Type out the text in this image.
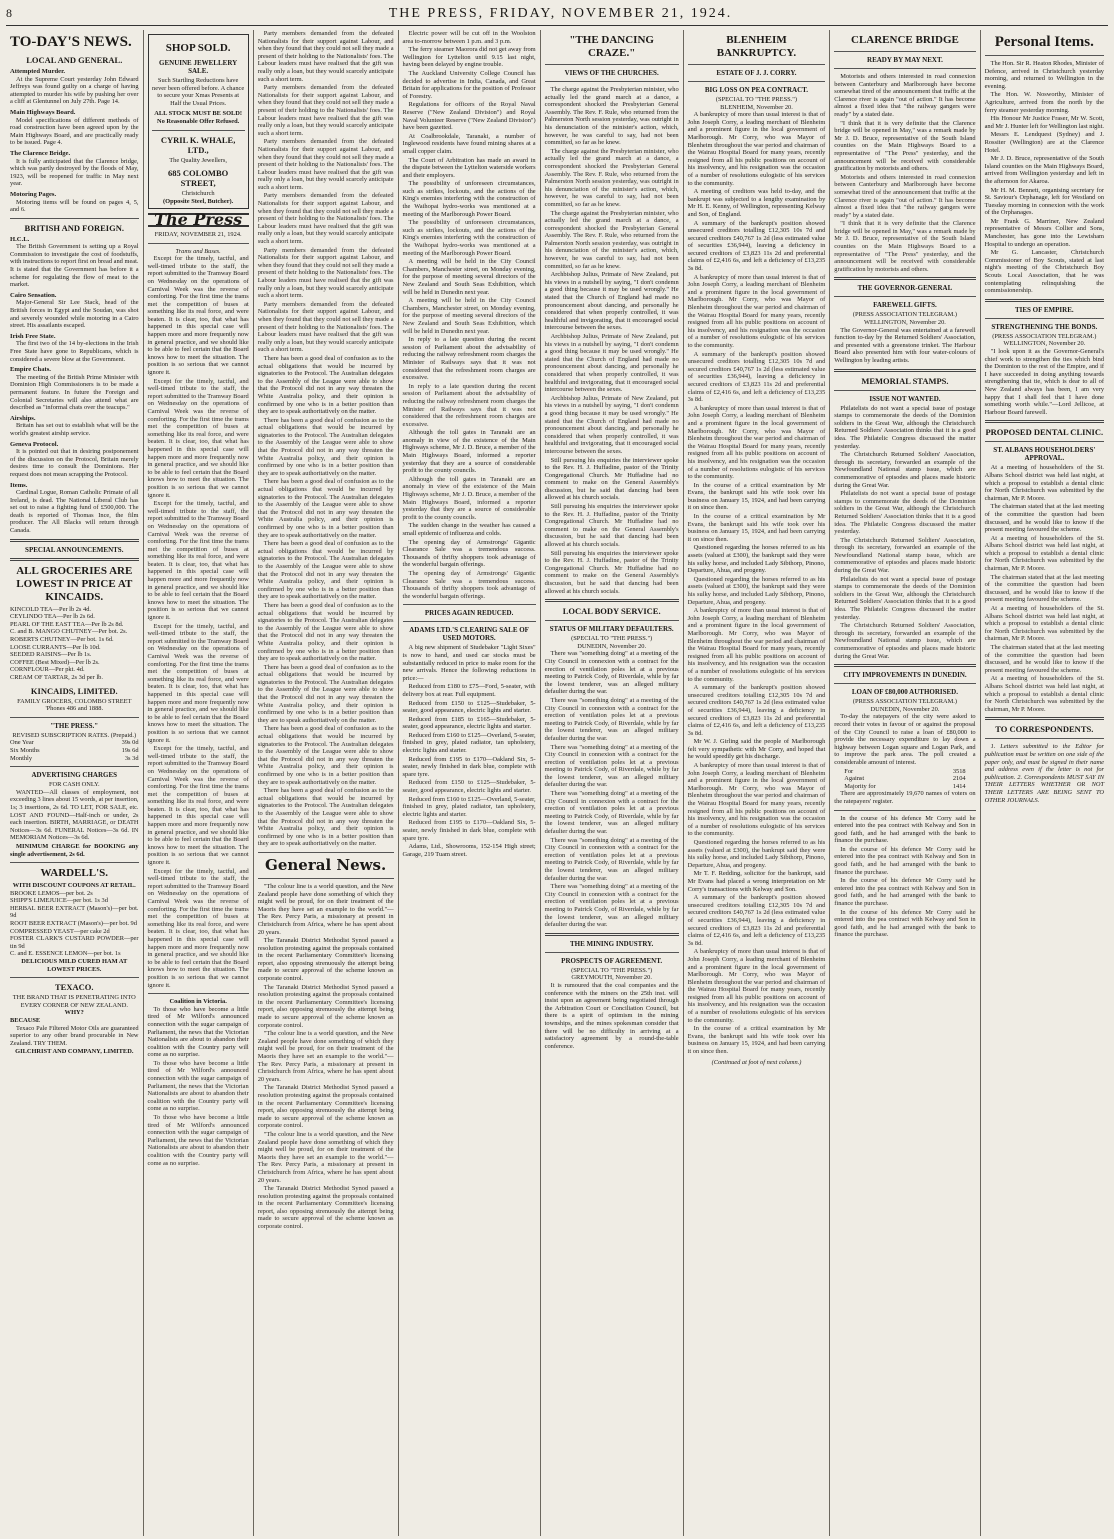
8	THE PRESS, FRIDAY, NOVEMBER 21, 1924.
TO-DAY'S NEWS.
LOCAL AND GENERAL.
Attempted Murder.
At the Supreme Court yesterday John Edward Jeffreys was found guilty on a charge of having attempted to murder his wife by pushing her over a cliff at Glentunnel on July 27th. Page 14.
Main Highways Board.
Model specifications of different methods of road construction have been agreed upon by the Main Highways Board, and are practically ready to be issued. Page 4.
The Clarence Bridge.
It is fully anticipated that the Clarence bridge, which was partly destroyed by the floods of May, 1923, will be reopened for traffic in May next year.
Motoring Pages.
Motoring items will be found on pages 4, 5, and 6.
BRITISH AND FOREIGN.
H.C.L.
The British Government is setting up a Royal Commission to investigate the cost of foodstuffs, with instructions to report first on bread and meat. It is stated that the Government has before it a scheme for regulating the flow of meat to the market.
Cairo Sensation.
Major-General Sir Lee Stack, head of the British forces in Egypt and the Soudan, was shot and severely wounded while motoring in a Cairo street. His assailants escaped.
Irish Free State.
The first two of the 14 by-elections in the Irish Free State have gone to Republicans, which is considered a severe blow at the Government.
Empire Chats.
The meeting of the British Prime Minister with Dominion High Commissioners is to be made a permanent feature. In future the Foreign and Colonial Secretaries will also attend what are described as "informal chats over the teacups."
Airships.
Britain has set out to establish what will be the world's greatest airship service.
Geneva Protocol.
It is pointed out that in desiring postponement of the discussion on the Protocol, Britain merely desires time to consult the Dominions. Her request does not mean scrapping the Protocol.
Items.
Cardinal Logue, Roman Catholic Primate of all Ireland, is dead. The National Liberal Club has set out to raise a fighting fund of £500,000. The death is reported of Thomas Ince, the film producer. The All Blacks will return through Canada.
SPECIAL ANNOUNCEMENTS.
ALL GROCERIES ARE LOWEST IN PRICE AT KINCAIDS.
KINCOLD TEA—Per lb 2s 4d.
CEYLINDO TEA—Per lb 2s 6d.
PEARL OF THE EAST TEA—Per lb 2s 8d.
C. and B. MANGO CHUTNEY—Per bot. 2s.
ROBERTS CHUTNEY—Per bot. 1s 6d.
LOOSE CURRANTS—Per lb 10d.
SEEDED RAISINS—Per lb 1s.
COFFEE (Best Mixed)—Per lb 2s.
CORNFLOUR—Per pkt. 4d.
CREAM OF TARTAR, 2s 3d per lb.
KINCAIDS, LIMITED.
FAMILY GROCERS, COLOMBO STREET
'Phones 486 and 1888.
"THE PRESS."
REVISED SUBSCRIPTION RATES. (Prepaid.)
One Year	39s 0d
Six Months	19s 6d
Monthly	3s 3d
ADVERTISING CHARGES
FOR CASH ONLY.
WANTED—All classes of employment, not exceeding 3 lines about 15 words, at per insertion, 1s; 3 insertions, 2s 6d. TO LET, FOR SALE, etc. LOST AND FOUND—Half-inch or under, 2s each insertion. BIRTH, MARRIAGE, or DEATH Notices—3s 6d. FUNERAL Notices—3s 6d. IN MEMORIAM Notices—3s 6d.
MINIMUM CHARGE for BOOKING any single advertisement, 2s 6d.
WARDELL'S.
WITH DISCOUNT COUPONS AT RETAIL.
BROOKE LEMOS—per bot. 2s
SHIPP'S LIMEJUICE—per bot. 1s 3d
HERBAL BEER EXTRACT (Mason's)—per bot. 9d
ROOT BEER EXTRACT (Mason's)—per bot. 9d
COMPRESSED YEAST—per cake 2d
FOSTER CLARK'S CUSTARD POWDER—per tin 9d
C. and E. ESSENCE LEMON—per bot. 1s
DELICIOUS MILD CURED HAM AT LOWEST PRICES.
TEXACO.
THE BRAND THAT IS PENETRATING INTO EVERY CORNER OF NEW ZEALAND.
WHY?
BECAUSE
Texaco Pale Filtered Motor Oils are guaranteed superior to any other brand procurable in New Zealand. TRY THEM.
GILCHRIST AND COMPANY, LIMITED.
SHOP SOLD.
GENUINE JEWELLERY SALE.
Such Startling Reductions have never been offered before. A chance to secure your Xmas Presents at Half the Usual Prices.
ALL STOCK MUST BE SOLD! No Reasonable Offer Refused.
CYRIL K. WHALE, LTD.,
The Quality Jewellers,
685 COLOMBO STREET,
Christchurch
(Opposite Steel, Butcher).
The Press
FRIDAY, NOVEMBER 21, 1924.
Trams and Buses.
Except for the timely, tactful, and well-timed tribute to the staff, the report submitted to the Tramway Board on Wednesday on the operations of Carnival Week was the reverse of comforting. For the first time the trams met the competition of buses at something like its real force, and were beaten. It is clear, too, that what has happened in this special case will happen more and more frequently now in general practice, and we should like to be able to feel certain that the Board knows how to meet the situation. The position is so serious that we cannot ignore it.
Except for the timely, tactful, and well-timed tribute to the staff, the report submitted to the Tramway Board on Wednesday on the operations of Carnival Week was the reverse of comforting. For the first time the trams met the competition of buses at something like its real force, and were beaten. It is clear, too, that what has happened in this special case will happen more and more frequently now in general practice, and we should like to be able to feel certain that the Board knows how to meet the situation. The position is so serious that we cannot ignore it.
Except for the timely, tactful, and well-timed tribute to the staff, the report submitted to the Tramway Board on Wednesday on the operations of Carnival Week was the reverse of comforting. For the first time the trams met the competition of buses at something like its real force, and were beaten. It is clear, too, that what has happened in this special case will happen more and more frequently now in general practice, and we should like to be able to feel certain that the Board knows how to meet the situation. The position is so serious that we cannot ignore it.
Except for the timely, tactful, and well-timed tribute to the staff, the report submitted to the Tramway Board on Wednesday on the operations of Carnival Week was the reverse of comforting. For the first time the trams met the competition of buses at something like its real force, and were beaten. It is clear, too, that what has happened in this special case will happen more and more frequently now in general practice, and we should like to be able to feel certain that the Board knows how to meet the situation. The position is so serious that we cannot ignore it.
Except for the timely, tactful, and well-timed tribute to the staff, the report submitted to the Tramway Board on Wednesday on the operations of Carnival Week was the reverse of comforting. For the first time the trams met the competition of buses at something like its real force, and were beaten. It is clear, too, that what has happened in this special case will happen more and more frequently now in general practice, and we should like to be able to feel certain that the Board knows how to meet the situation. The position is so serious that we cannot ignore it.
Except for the timely, tactful, and well-timed tribute to the staff, the report submitted to the Tramway Board on Wednesday on the operations of Carnival Week was the reverse of comforting. For the first time the trams met the competition of buses at something like its real force, and were beaten. It is clear, too, that what has happened in this special case will happen more and more frequently now in general practice, and we should like to be able to feel certain that the Board knows how to meet the situation. The position is so serious that we cannot ignore it.
Coalition in Victoria.
To those who have become a little tired of Mr Wilford's announced connection with the sugar campaign of Parliament, the news that the Victorian Nationalists are about to abandon their coalition with the Country party will come as no surprise.
To those who have become a little tired of Mr Wilford's announced connection with the sugar campaign of Parliament, the news that the Victorian Nationalists are about to abandon their coalition with the Country party will come as no surprise.
To those who have become a little tired of Mr Wilford's announced connection with the sugar campaign of Parliament, the news that the Victorian Nationalists are about to abandon their coalition with the Country party will come as no surprise.
Party members demanded from the defeated Nationalists for their support against Labour, and when they found that they could not sell they made a present of their holding to the Nationalists' foes. The Labour leaders must have realised that the gift was really only a loan, but they would scarcely anticipate such a short term.
Party members demanded from the defeated Nationalists for their support against Labour, and when they found that they could not sell they made a present of their holding to the Nationalists' foes. The Labour leaders must have realised that the gift was really only a loan, but they would scarcely anticipate such a short term.
Party members demanded from the defeated Nationalists for their support against Labour, and when they found that they could not sell they made a present of their holding to the Nationalists' foes. The Labour leaders must have realised that the gift was really only a loan, but they would scarcely anticipate such a short term.
Party members demanded from the defeated Nationalists for their support against Labour, and when they found that they could not sell they made a present of their holding to the Nationalists' foes. The Labour leaders must have realised that the gift was really only a loan, but they would scarcely anticipate such a short term.
Party members demanded from the defeated Nationalists for their support against Labour, and when they found that they could not sell they made a present of their holding to the Nationalists' foes. The Labour leaders must have realised that the gift was really only a loan, but they would scarcely anticipate such a short term.
Party members demanded from the defeated Nationalists for their support against Labour, and when they found that they could not sell they made a present of their holding to the Nationalists' foes. The Labour leaders must have realised that the gift was really only a loan, but they would scarcely anticipate such a short term.
There has been a good deal of confusion as to the actual obligations that would be incurred by signatories to the Protocol. The Australian delegates to the Assembly of the League were able to show that the Protocol did not in any way threaten the White Australia policy, and their opinion is confirmed by one who is in a better position than they are to speak authoritatively on the matter.
There has been a good deal of confusion as to the actual obligations that would be incurred by signatories to the Protocol. The Australian delegates to the Assembly of the League were able to show that the Protocol did not in any way threaten the White Australia policy, and their opinion is confirmed by one who is in a better position than they are to speak authoritatively on the matter.
There has been a good deal of confusion as to the actual obligations that would be incurred by signatories to the Protocol. The Australian delegates to the Assembly of the League were able to show that the Protocol did not in any way threaten the White Australia policy, and their opinion is confirmed by one who is in a better position than they are to speak authoritatively on the matter.
There has been a good deal of confusion as to the actual obligations that would be incurred by signatories to the Protocol. The Australian delegates to the Assembly of the League were able to show that the Protocol did not in any way threaten the White Australia policy, and their opinion is confirmed by one who is in a better position than they are to speak authoritatively on the matter.
There has been a good deal of confusion as to the actual obligations that would be incurred by signatories to the Protocol. The Australian delegates to the Assembly of the League were able to show that the Protocol did not in any way threaten the White Australia policy, and their opinion is confirmed by one who is in a better position than they are to speak authoritatively on the matter.
There has been a good deal of confusion as to the actual obligations that would be incurred by signatories to the Protocol. The Australian delegates to the Assembly of the League were able to show that the Protocol did not in any way threaten the White Australia policy, and their opinion is confirmed by one who is in a better position than they are to speak authoritatively on the matter.
There has been a good deal of confusion as to the actual obligations that would be incurred by signatories to the Protocol. The Australian delegates to the Assembly of the League were able to show that the Protocol did not in any way threaten the White Australia policy, and their opinion is confirmed by one who is in a better position than they are to speak authoritatively on the matter.
There has been a good deal of confusion as to the actual obligations that would be incurred by signatories to the Protocol. The Australian delegates to the Assembly of the League were able to show that the Protocol did not in any way threaten the White Australia policy, and their opinion is confirmed by one who is in a better position than they are to speak authoritatively on the matter.
General News.
"The colour line is a world question, and the New Zealand people have done something of which they might well be proud, for on their treatment of the Maoris they have set an example to the world."—The Rev. Percy Paris, a missionary at present in Christchurch from Africa, where he has spent about 20 years.
The Taranaki District Methodist Synod passed a resolution protesting against the proposals contained in the recent Parliamentary Committee's licensing report, also opposing strenuously the attempt being made to secure approval of the scheme known as corporate control.
The Taranaki District Methodist Synod passed a resolution protesting against the proposals contained in the recent Parliamentary Committee's licensing report, also opposing strenuously the attempt being made to secure approval of the scheme known as corporate control.
"The colour line is a world question, and the New Zealand people have done something of which they might well be proud, for on their treatment of the Maoris they have set an example to the world."—The Rev. Percy Paris, a missionary at present in Christchurch from Africa, where he has spent about 20 years.
The Taranaki District Methodist Synod passed a resolution protesting against the proposals contained in the recent Parliamentary Committee's licensing report, also opposing strenuously the attempt being made to secure approval of the scheme known as corporate control.
"The colour line is a world question, and the New Zealand people have done something of which they might well be proud, for on their treatment of the Maoris they have set an example to the world."—The Rev. Percy Paris, a missionary at present in Christchurch from Africa, where he has spent about 20 years.
The Taranaki District Methodist Synod passed a resolution protesting against the proposals contained in the recent Parliamentary Committee's licensing report, also opposing strenuously the attempt being made to secure approval of the scheme known as corporate control.
Electric power will be cut off in the Woolston area to-morrow between 1 p.m. and 3 p.m.
The ferry steamer Maorora did not get away from Wellington for Lyttelton until 9.15 last night, having been delayed by engine trouble.
The Auckland University College Council has decided to advertise in India, Canada, and Great Britain for applications for the position of Professor of Forestry.
Regulations for officers of the Royal Naval Reserve ("New Zealand Division") and Royal Naval Volunteer Reserve ("New Zealand Division") have been gazetted.
At Coalbrookdale, Taranaki, a number of Inglewood residents have found mining shares at a small copper claim.
The Court of Arbitration has made an award in the dispute between the Lyttelton waterside workers and their employers.
The possibility of unforeseen circumstances, such as strikes, lockouts, and the actions of the King's enemies interfering with the construction of the Waihopai hydro-works was mentioned at a meeting of the Marlborough Power Board.
The possibility of unforeseen circumstances, such as strikes, lockouts, and the actions of the King's enemies interfering with the construction of the Waihopai hydro-works was mentioned at a meeting of the Marlborough Power Board.
A meeting will be held in the City Council Chambers, Manchester street, on Monday evening, for the purpose of meeting several directors of the New Zealand and South Seas Exhibition, which will be held in Dunedin next year.
A meeting will be held in the City Council Chambers, Manchester street, on Monday evening, for the purpose of meeting several directors of the New Zealand and South Seas Exhibition, which will be held in Dunedin next year.
In reply to a late question during the recent session of Parliament about the advisability of reducing the railway refreshment room charges the Minister of Railways says that it was not considered that the refreshment room charges are excessive.
In reply to a late question during the recent session of Parliament about the advisability of reducing the railway refreshment room charges the Minister of Railways says that it was not considered that the refreshment room charges are excessive.
Although the toll gates in Taranaki are an anomaly in view of the existence of the Main Highways scheme, Mr J. D. Bruce, a member of the Main Highways Board, informed a reporter yesterday that they are a source of considerable profit to the county councils.
Although the toll gates in Taranaki are an anomaly in view of the existence of the Main Highways scheme, Mr J. D. Bruce, a member of the Main Highways Board, informed a reporter yesterday that they are a source of considerable profit to the county councils.
The sudden change in the weather has caused a small epidemic of influenza and colds.
The opening day of Armstrongs' Gigantic Clearance Sale was a tremendous success. Thousands of thrifty shoppers took advantage of the wonderful bargain offerings.
The opening day of Armstrongs' Gigantic Clearance Sale was a tremendous success. Thousands of thrifty shoppers took advantage of the wonderful bargain offerings.
PRICES AGAIN REDUCED.
ADAMS LTD.'S CLEARING SALE OF USED MOTORS.
A big new shipment of Studebaker "Light Sixes" is now to hand, and used car stocks must be substantially reduced in price to make room for the new arrivals. Hence the following reductions in price:—
Reduced from £180 to £75—Ford, 5-seater, with delivery box at rear. Full equipment.
Reduced from £150 to £125—Studebaker, 5-seater, good appearance, electric lights and starter.
Reduced from £185 to £165—Studebaker, 5-seater, good appearance, electric lights and starter.
Reduced from £160 to £125—Overland, 5-seater, finished in grey, plated radiator, tan upholstery, electric lights and starter.
Reduced from £195 to £170—Oakland Six, 5-seater, newly finished in dark blue, complete with spare tyre.
Reduced from £150 to £125—Studebaker, 5-seater, good appearance, electric lights and starter.
Reduced from £160 to £125—Overland, 5-seater, finished in grey, plated radiator, tan upholstery, electric lights and starter.
Reduced from £195 to £170—Oakland Six, 5-seater, newly finished in dark blue, complete with spare tyre.
Adams, Ltd., Showrooms, 152-154 High street; Garage, 219 Tuam street.
"THE DANCING CRAZE."
VIEWS OF THE CHURCHES.
The charge against the Presbyterian minister, who actually led the grand march at a dance, a correspondent shocked the Presbyterian General Assembly. The Rev. F. Rule, who returned from the Palmerston North session yesterday, was outright in his denunciation of the minister's action, which, however, he was careful to say, had not been committed, so far as he knew.
The charge against the Presbyterian minister, who actually led the grand march at a dance, a correspondent shocked the Presbyterian General Assembly. The Rev. F. Rule, who returned from the Palmerston North session yesterday, was outright in his denunciation of the minister's action, which, however, he was careful to say, had not been committed, so far as he knew.
The charge against the Presbyterian minister, who actually led the grand march at a dance, a correspondent shocked the Presbyterian General Assembly. The Rev. F. Rule, who returned from the Palmerston North session yesterday, was outright in his denunciation of the minister's action, which, however, he was careful to say, had not been committed, so far as he knew.
Archbishop Julius, Primate of New Zealand, put his views in a nutshell by saying, "I don't condemn a good thing because it may be used wrongly." He stated that the Church of England had made no pronouncement about dancing, and personally he considered that when properly controlled, it was healthful and invigorating, that it encouraged social intercourse between the sexes.
Archbishop Julius, Primate of New Zealand, put his views in a nutshell by saying, "I don't condemn a good thing because it may be used wrongly." He stated that the Church of England had made no pronouncement about dancing, and personally he considered that when properly controlled, it was healthful and invigorating, that it encouraged social intercourse between the sexes.
Archbishop Julius, Primate of New Zealand, put his views in a nutshell by saying, "I don't condemn a good thing because it may be used wrongly." He stated that the Church of England had made no pronouncement about dancing, and personally he considered that when properly controlled, it was healthful and invigorating, that it encouraged social intercourse between the sexes.
Still pursuing his enquiries the interviewer spoke to the Rev. H. J. Huffadine, pastor of the Trinity Congregational Church. Mr Huffadine had no comment to make on the General Assembly's discussion, but he said that dancing had been allowed at his church socials.
Still pursuing his enquiries the interviewer spoke to the Rev. H. J. Huffadine, pastor of the Trinity Congregational Church. Mr Huffadine had no comment to make on the General Assembly's discussion, but he said that dancing had been allowed at his church socials.
Still pursuing his enquiries the interviewer spoke to the Rev. H. J. Huffadine, pastor of the Trinity Congregational Church. Mr Huffadine had no comment to make on the General Assembly's discussion, but he said that dancing had been allowed at his church socials.
LOCAL BODY SERVICE.
STATUS OF MILITARY DEFAULTERS.
(SPECIAL TO "THE PRESS.")
DUNEDIN, November 20.
There was "something doing" at a meeting of the City Council in connexion with a contract for the erection of ventilation poles let at a previous meeting to Patrick Cody, of Riverdale, while by far the lowest tenderer, was an alleged military defaulter during the war.
There was "something doing" at a meeting of the City Council in connexion with a contract for the erection of ventilation poles let at a previous meeting to Patrick Cody, of Riverdale, while by far the lowest tenderer, was an alleged military defaulter during the war.
There was "something doing" at a meeting of the City Council in connexion with a contract for the erection of ventilation poles let at a previous meeting to Patrick Cody, of Riverdale, while by far the lowest tenderer, was an alleged military defaulter during the war.
There was "something doing" at a meeting of the City Council in connexion with a contract for the erection of ventilation poles let at a previous meeting to Patrick Cody, of Riverdale, while by far the lowest tenderer, was an alleged military defaulter during the war.
There was "something doing" at a meeting of the City Council in connexion with a contract for the erection of ventilation poles let at a previous meeting to Patrick Cody, of Riverdale, while by far the lowest tenderer, was an alleged military defaulter during the war.
There was "something doing" at a meeting of the City Council in connexion with a contract for the erection of ventilation poles let at a previous meeting to Patrick Cody, of Riverdale, while by far the lowest tenderer, was an alleged military defaulter during the war.
THE MINING INDUSTRY.
PROSPECTS OF AGREEMENT.
(SPECIAL TO "THE PRESS.")
GREYMOUTH, November 20.
It is rumoured that the coal companies and the conference with the miners on the 25th inst. will insist upon an agreement being negotiated through the Arbitration Court or Conciliation Council, but there is a spirit of optimism in the mining townships, and the mines spokesman consider that there will be no difficulty in arriving at a satisfactory agreement by a round-the-table conference.
BLENHEIM BANKRUPTCY.
ESTATE OF J. J. CORRY.
BIG LOSS ON PEA CONTRACT.
(SPECIAL TO "THE PRESS.")
BLENHEIM, November 20.
A bankruptcy of more than usual interest is that of John Joseph Corry, a leading merchant of Blenheim and a prominent figure in the local government of Marlborough. Mr Corry, who was Mayor of Blenheim throughout the war period and chairman of the Wairau Hospital Board for many years, recently resigned from all his public positions on account of his insolvency, and his resignation was the occasion of a number of resolutions eulogistic of his services to the community.
A meeting of creditors was held to-day, and the bankrupt was subjected to a lengthy examination by Mr H. E. Kenny, of Wellington, representing Kelway and Son, of England.
A summary of the bankrupt's position showed unsecured creditors totalling £12,305 10s 7d and secured creditors £40,767 1s 2d (less estimated value of securities £36,944), leaving a deficiency in secured creditors of £3,823 11s 2d and preferential claims of £2,416 6s, and left a deficiency of £13,235 3s 8d.
A bankruptcy of more than usual interest is that of John Joseph Corry, a leading merchant of Blenheim and a prominent figure in the local government of Marlborough. Mr Corry, who was Mayor of Blenheim throughout the war period and chairman of the Wairau Hospital Board for many years, recently resigned from all his public positions on account of his insolvency, and his resignation was the occasion of a number of resolutions eulogistic of his services to the community.
A summary of the bankrupt's position showed unsecured creditors totalling £12,305 10s 7d and secured creditors £40,767 1s 2d (less estimated value of securities £36,944), leaving a deficiency in secured creditors of £3,823 11s 2d and preferential claims of £2,416 6s, and left a deficiency of £13,235 3s 8d.
A bankruptcy of more than usual interest is that of John Joseph Corry, a leading merchant of Blenheim and a prominent figure in the local government of Marlborough. Mr Corry, who was Mayor of Blenheim throughout the war period and chairman of the Wairau Hospital Board for many years, recently resigned from all his public positions on account of his insolvency, and his resignation was the occasion of a number of resolutions eulogistic of his services to the community.
In the course of a critical examination by Mr Evans, the bankrupt said his wife took over his business on January 15, 1924, and had been carrying it on since then.
In the course of a critical examination by Mr Evans, the bankrupt said his wife took over his business on January 15, 1924, and had been carrying it on since then.
Questioned regarding the horses referred to as his assets (valued at £300), the bankrupt said they were his sulky horse, and included Lady Sibthorp, Pinono, Departure, Ahua, and progeny.
Questioned regarding the horses referred to as his assets (valued at £300), the bankrupt said they were his sulky horse, and included Lady Sibthorp, Pinono, Departure, Ahua, and progeny.
A bankruptcy of more than usual interest is that of John Joseph Corry, a leading merchant of Blenheim and a prominent figure in the local government of Marlborough. Mr Corry, who was Mayor of Blenheim throughout the war period and chairman of the Wairau Hospital Board for many years, recently resigned from all his public positions on account of his insolvency, and his resignation was the occasion of a number of resolutions eulogistic of his services to the community.
A summary of the bankrupt's position showed unsecured creditors totalling £12,305 10s 7d and secured creditors £40,767 1s 2d (less estimated value of securities £36,944), leaving a deficiency in secured creditors of £3,823 11s 2d and preferential claims of £2,416 6s, and left a deficiency of £13,235 3s 8d.
Mr W. J. Girling said the people of Marlborough felt very sympathetic with Mr Corry, and hoped that he would speedily get his discharge.
A bankruptcy of more than usual interest is that of John Joseph Corry, a leading merchant of Blenheim and a prominent figure in the local government of Marlborough. Mr Corry, who was Mayor of Blenheim throughout the war period and chairman of the Wairau Hospital Board for many years, recently resigned from all his public positions on account of his insolvency, and his resignation was the occasion of a number of resolutions eulogistic of his services to the community.
Questioned regarding the horses referred to as his assets (valued at £300), the bankrupt said they were his sulky horse, and included Lady Sibthorp, Pinono, Departure, Ahua, and progeny.
Mr T. F. Redding, solicitor for the bankrupt, said Mr Evans had placed a wrong interpretation on Mr Corry's transactions with Kelway and Son.
A summary of the bankrupt's position showed unsecured creditors totalling £12,305 10s 7d and secured creditors £40,767 1s 2d (less estimated value of securities £36,944), leaving a deficiency in secured creditors of £3,823 11s 2d and preferential claims of £2,416 6s, and left a deficiency of £13,235 3s 8d.
A bankruptcy of more than usual interest is that of John Joseph Corry, a leading merchant of Blenheim and a prominent figure in the local government of Marlborough. Mr Corry, who was Mayor of Blenheim throughout the war period and chairman of the Wairau Hospital Board for many years, recently resigned from all his public positions on account of his insolvency, and his resignation was the occasion of a number of resolutions eulogistic of his services to the community.
In the course of a critical examination by Mr Evans, the bankrupt said his wife took over his business on January 15, 1924, and had been carrying it on since then.
(Continued at foot of next column.)
CLARENCE BRIDGE
READY BY MAY NEXT.
Motorists and others interested in road connexion between Canterbury and Marlborough have become somewhat tired of the announcement that traffic at the Clarence river is again "out of action." It has become almost a fixed idea that "the railway gangers were ready" by a stated date.
"I think that it is very definite that the Clarence bridge will be opened in May," was a remark made by Mr J. D. Bruce, representative of the South Island counties on the Main Highways Board to a representative of "The Press" yesterday, and the announcement will be received with considerable gratification by motorists and others.
Motorists and others interested in road connexion between Canterbury and Marlborough have become somewhat tired of the announcement that traffic at the Clarence river is again "out of action." It has become almost a fixed idea that "the railway gangers were ready" by a stated date.
"I think that it is very definite that the Clarence bridge will be opened in May," was a remark made by Mr J. D. Bruce, representative of the South Island counties on the Main Highways Board to a representative of "The Press" yesterday, and the announcement will be received with considerable gratification by motorists and others.
THE GOVERNOR-GENERAL
FAREWELL GIFTS.
(PRESS ASSOCIATION TELEGRAM.)
WELLINGTON, November 20.
The Governor-General was entertained at a farewell function to-day by the Returned Soldiers' Association, and presented with a greenstone trinket. The Harbour Board also presented him with four water-colours of Wellington by leading artists.
MEMORIAL STAMPS.
ISSUE NOT WANTED.
Philatelists do not want a special issue of postage stamps to commemorate the deeds of the Dominion soldiers in the Great War, although the Christchurch Returned Soldiers' Association thinks that it is a good idea. The Philatelic Congress discussed the matter yesterday.
The Christchurch Returned Soldiers' Association, through its secretary, forwarded an example of the Newfoundland National stamp issue, which are commemorative of episodes and places made historic during the Great War.
Philatelists do not want a special issue of postage stamps to commemorate the deeds of the Dominion soldiers in the Great War, although the Christchurch Returned Soldiers' Association thinks that it is a good idea. The Philatelic Congress discussed the matter yesterday.
The Christchurch Returned Soldiers' Association, through its secretary, forwarded an example of the Newfoundland National stamp issue, which are commemorative of episodes and places made historic during the Great War.
Philatelists do not want a special issue of postage stamps to commemorate the deeds of the Dominion soldiers in the Great War, although the Christchurch Returned Soldiers' Association thinks that it is a good idea. The Philatelic Congress discussed the matter yesterday.
The Christchurch Returned Soldiers' Association, through its secretary, forwarded an example of the Newfoundland National stamp issue, which are commemorative of episodes and places made historic during the Great War.
CITY IMPROVEMENTS IN DUNEDIN.
LOAN OF £80,000 AUTHORISED.
(PRESS ASSOCIATION TELEGRAM.)
DUNEDIN, November 20.
To-day the ratepayers of the city were asked to record their votes in favour of or against the proposal of the City Council to raise a loan of £80,000 to provide the necessary expenditure to lay down a highway between Logan square and Logan Park, and to improve the park area. The poll created a considerable amount of interest.
For	3518
Against	2104
Majority for	1414
There are approximately 19,670 names of voters on the ratepayers' register.
In the course of his defence Mr Corry said he entered into the pea contract with Kelway and Son in good faith, and he had arranged with the bank to finance the purchase.
In the course of his defence Mr Corry said he entered into the pea contract with Kelway and Son in good faith, and he had arranged with the bank to finance the purchase.
In the course of his defence Mr Corry said he entered into the pea contract with Kelway and Son in good faith, and he had arranged with the bank to finance the purchase.
In the course of his defence Mr Corry said he entered into the pea contract with Kelway and Son in good faith, and he had arranged with the bank to finance the purchase.
Personal Items.
The Hon. Sir R. Heaton Rhodes, Minister of Defence, arrived in Christchurch yesterday morning, and returned to Wellington in the evening.
The Hon. W. Nosworthy, Minister of Agriculture, arrived from the north by the ferry steamer yesterday morning.
His Honour Mr Justice Fraser, Mr W. Scott, and Mr J. Hunter left for Wellington last night.
Messrs E. Lendquest (Sydney) and J. Rossiter (Wellington) are at the Clarence Hotel.
Mr J. D. Bruce, representative of the South Island counties on the Main Highways Board, arrived from Wellington yesterday and left in the afternoon for Akaroa.
Mr H. M. Bennett, organising secretary for St. Saviour's Orphanage, left for Westland on Tuesday morning in connexion with the work of the Orphanages.
Mr Frank G. Marriner, New Zealand representative of Messrs Collier and Sons, Manchester, has gone into the Lewisham Hospital to undergo an operation.
Mr G. Lancaster, Christchurch Commissioner of Boy Scouts, stated at last night's meeting of the Christchurch Boy Scouts Local Association, that he was contemplating relinquishing the commissionership.
TIES OF EMPIRE.
STRENGTHENING THE BONDS.
(PRESS ASSOCIATION TELEGRAM.)
WELLINGTON, November 20.
"I look upon it as the Governor-General's chief work to strengthen the ties which bind the Dominion to the rest of the Empire, and if I have succeeded in doing anything towards strengthening that tie, which is dear to all of New Zealand always has been, I am very happy that I shall feel that I have done something worth while."—Lord Jellicoe, at Harbour Board farewell.
PROPOSED DENTAL CLINIC.
ST. ALBANS HOUSEHOLDERS' APPROVAL.
At a meeting of householders of the St. Albans School district was held last night, at which a proposal to establish a dental clinic for North Christchurch was submitted by the chairman, Mr P. Moore.
The chairman stated that at the last meeting of the committee the question had been discussed, and he would like to know if the present meeting favoured the scheme.
At a meeting of householders of the St. Albans School district was held last night, at which a proposal to establish a dental clinic for North Christchurch was submitted by the chairman, Mr P. Moore.
The chairman stated that at the last meeting of the committee the question had been discussed, and he would like to know if the present meeting favoured the scheme.
At a meeting of householders of the St. Albans School district was held last night, at which a proposal to establish a dental clinic for North Christchurch was submitted by the chairman, Mr P. Moore.
The chairman stated that at the last meeting of the committee the question had been discussed, and he would like to know if the present meeting favoured the scheme.
At a meeting of householders of the St. Albans School district was held last night, at which a proposal to establish a dental clinic for North Christchurch was submitted by the chairman, Mr P. Moore.
TO CORRESPONDENTS.
1. Letters submitted to the Editor for publication must be written on one side of the paper only, and must be signed in their name and address even if the letter is not for publication. 2. Correspondents MUST SAY IN THEIR LETTERS WHETHER OR NOT THEIR LETTERS ARE BEING SENT TO OTHER JOURNALS.
